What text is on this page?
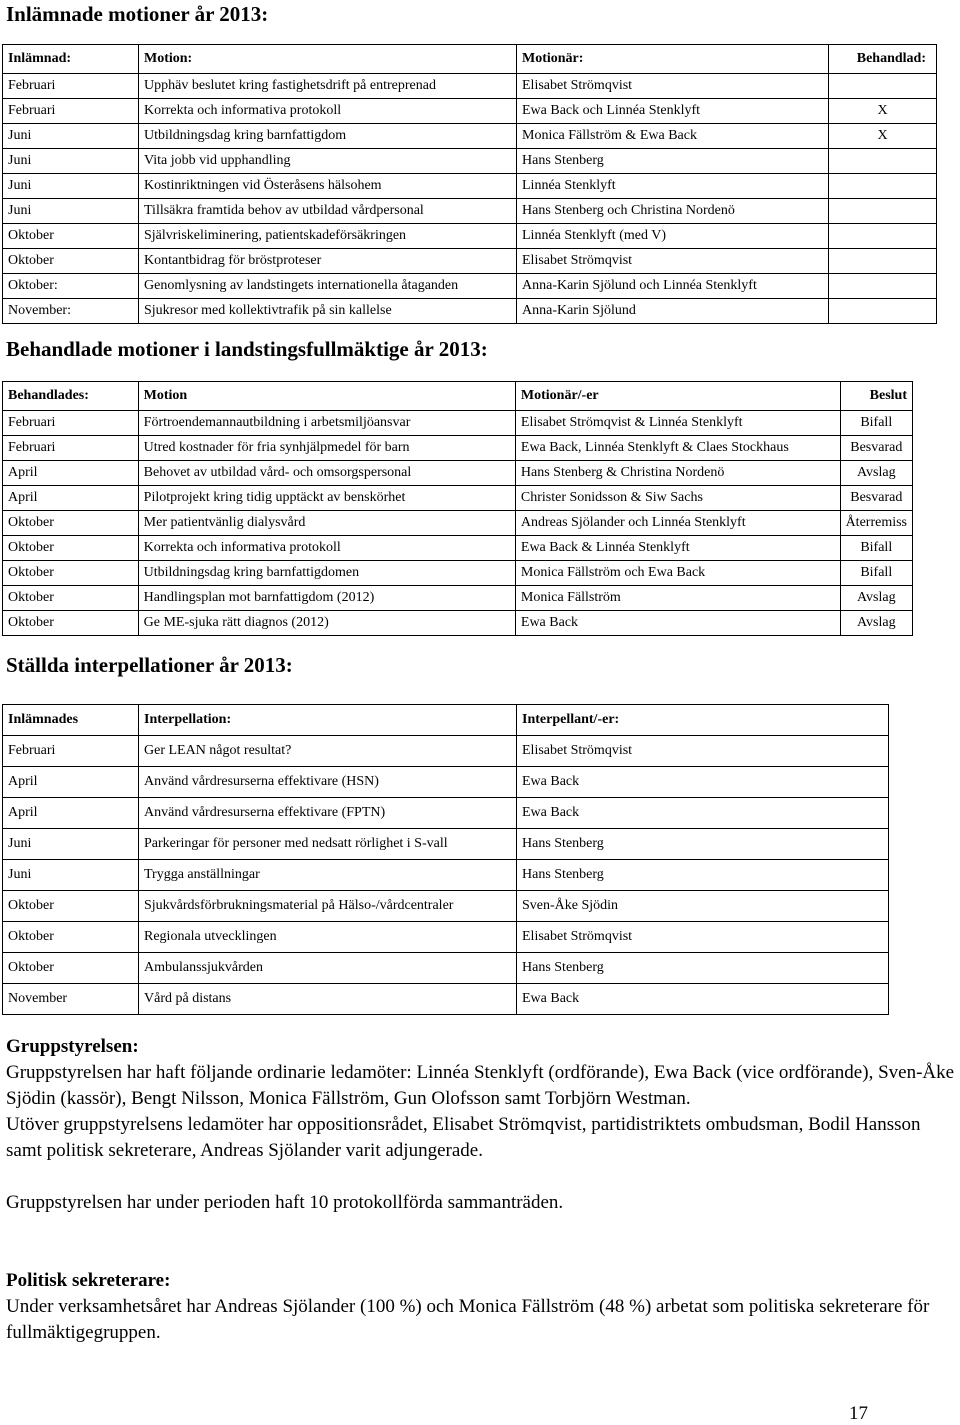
Inlämnade motioner år 2013:
Inlämnad:	Motion:	Motionär:	Behandlad:
Februari	Upphäv beslutet kring fastighetsdrift på entreprenad	Elisabet Strömqvist	
Februari	Korrekta och informativa protokoll	Ewa Back och Linnéa Stenklyft	X
Juni	Utbildningsdag kring barnfattigdom	Monica Fällström & Ewa Back	X
Juni	Vita jobb vid upphandling	Hans Stenberg	
Juni	Kostinriktningen vid Österåsens hälsohem	Linnéa Stenklyft	
Juni	Tillsäkra framtida behov av utbildad vårdpersonal	Hans Stenberg och Christina Nordenö	
Oktober	Självriskeliminering, patientskadeförsäkringen	Linnéa Stenklyft (med V)	
Oktober	Kontantbidrag för bröstproteser	Elisabet Strömqvist	
Oktober:	Genomlysning av landstingets internationella åtaganden	Anna-Karin Sjölund och Linnéa Stenklyft	
November:	Sjukresor med kollektivtrafik på sin kallelse	Anna-Karin Sjölund	
Behandlade motioner i landstingsfullmäktige år 2013:
Behandlades:	Motion	Motionär/-er	Beslut
Februari	Förtroendemannautbildning i arbetsmiljöansvar	Elisabet Strömqvist & Linnéa Stenklyft	Bifall
Februari	Utred kostnader för fria synhjälpmedel för barn	Ewa Back, Linnéa Stenklyft & Claes Stockhaus	Besvarad
April	Behovet av utbildad vård- och omsorgspersonal	Hans Stenberg & Christina Nordenö	Avslag
April	Pilotprojekt kring tidig upptäckt av benskörhet	Christer Sonidsson & Siw Sachs	Besvarad
Oktober	Mer patientvänlig dialysvård	Andreas Sjölander och Linnéa Stenklyft	Återremiss
Oktober	Korrekta och informativa protokoll	Ewa Back & Linnéa Stenklyft	Bifall
Oktober	Utbildningsdag kring barnfattigdomen	Monica Fällström och Ewa Back	Bifall
Oktober	Handlingsplan mot barnfattigdom (2012)	Monica Fällström	Avslag
Oktober	Ge ME-sjuka rätt diagnos (2012)	Ewa Back	Avslag
Ställda interpellationer år 2013:
Inlämnades	Interpellation:	Interpellant/-er:
Februari	Ger LEAN något resultat?	Elisabet Strömqvist
April	Använd vårdresurserna effektivare (HSN)	Ewa Back
April	Använd vårdresurserna effektivare (FPTN)	Ewa Back
Juni	Parkeringar för personer med nedsatt rörlighet i S-vall	Hans Stenberg
Juni	Trygga anställningar	Hans Stenberg
Oktober	Sjukvårdsförbrukningsmaterial på Hälso-/vårdcentraler	Sven-Åke Sjödin
Oktober	Regionala utvecklingen	Elisabet Strömqvist
Oktober	Ambulanssjukvården	Hans Stenberg
November	Vård på distans	Ewa Back
Gruppstyrelsen:

Gruppstyrelsen har haft följande ordinarie ledamöter: Linnéa Stenklyft (ordförande), Ewa Back (vice ordförande), Sven-Åke Sjödin (kassör), Bengt Nilsson, Monica Fällström, Gun Olofsson samt Torbjörn Westman.

Utöver gruppstyrelsens ledamöter har oppositionsrådet, Elisabet Strömqvist, partidistriktets ombudsman, Bodil Hansson samt politisk sekreterare, Andreas Sjölander varit adjungerade.

Gruppstyrelsen har under perioden haft 10 protokollförda sammanträden.

Politisk sekreterare:

Under verksamhetsåret har Andreas Sjölander (100 %) och Monica Fällström (48 %) arbetat som politiska sekreterare för fullmäktigegruppen.

17
